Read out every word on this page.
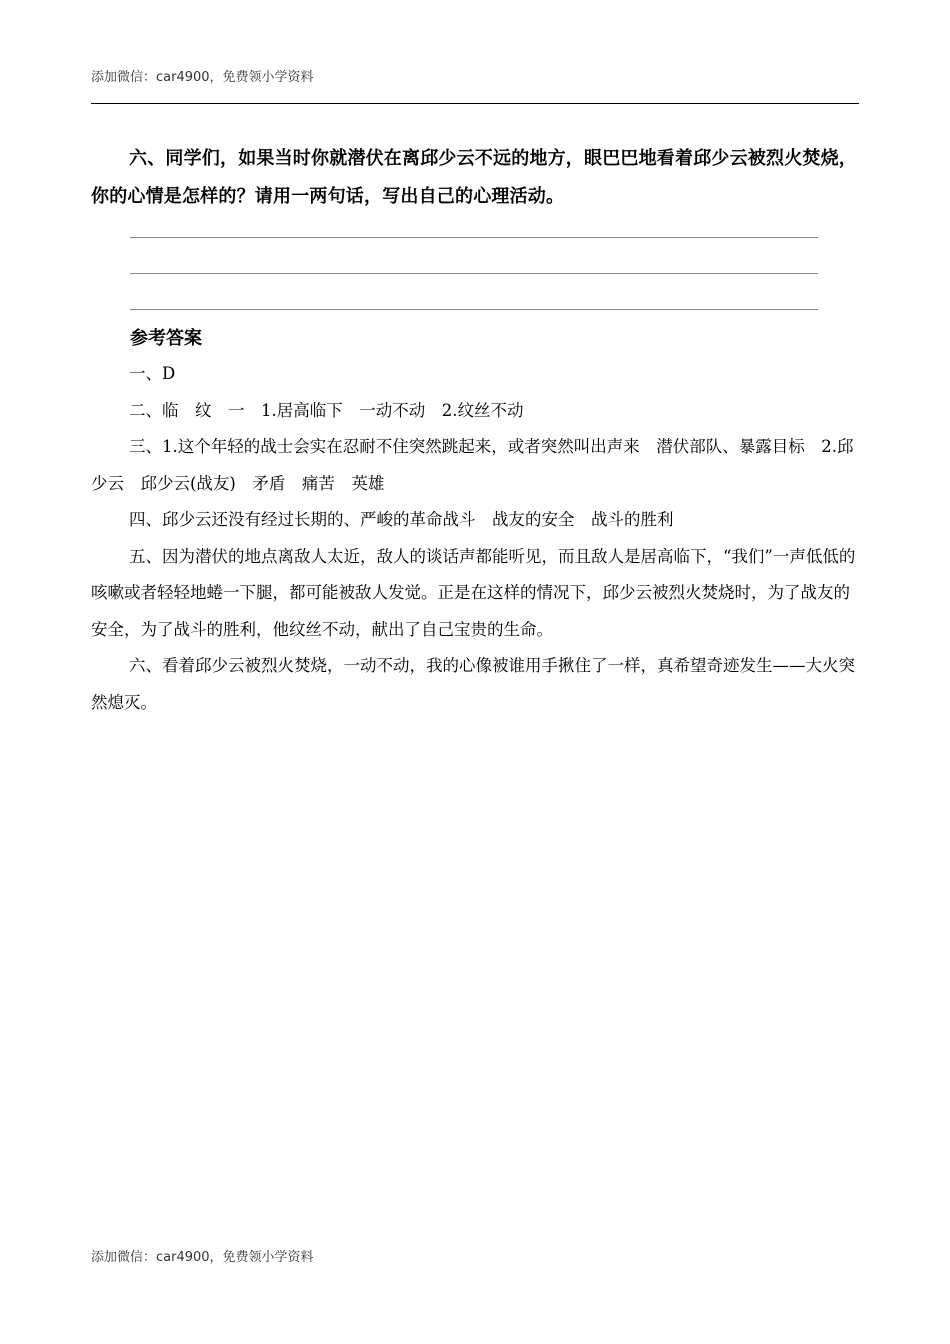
添加微信：car4900，免费领小学资料
六、同学们，如果当时你就潜伏在离邱少云不远的地方，眼巴巴地看着邱少云被烈火焚烧，你的心情是怎样的？请用一两句话，写出自己的心理活动。
参考答案

一、D

二、临　纹　一　1.居高临下　一动不动　2.纹丝不动

三、1.这个年轻的战士会实在忍耐不住突然跳起来，或者突然叫出声来　潜伏部队、暴露目标　2.邱少云　邱少云(战友)　矛盾　痛苦　英雄

四、邱少云还没有经过长期的、严峻的革命战斗　战友的安全　战斗的胜利

五、因为潜伏的地点离敌人太近，敌人的谈话声都能听见，而且敌人是居高临下，“我们”一声低低的咳嗽或者轻轻地蜷一下腿，都可能被敌人发觉。正是在这样的情况下，邱少云被烈火焚烧时，为了战友的安全，为了战斗的胜利，他纹丝不动，献出了自己宝贵的生命。

六、看着邱少云被烈火焚烧，一动不动，我的心像被谁用手揪住了一样，真希望奇迹发生——大火突然熄灭。

添加微信：car4900，免费领小学资料
